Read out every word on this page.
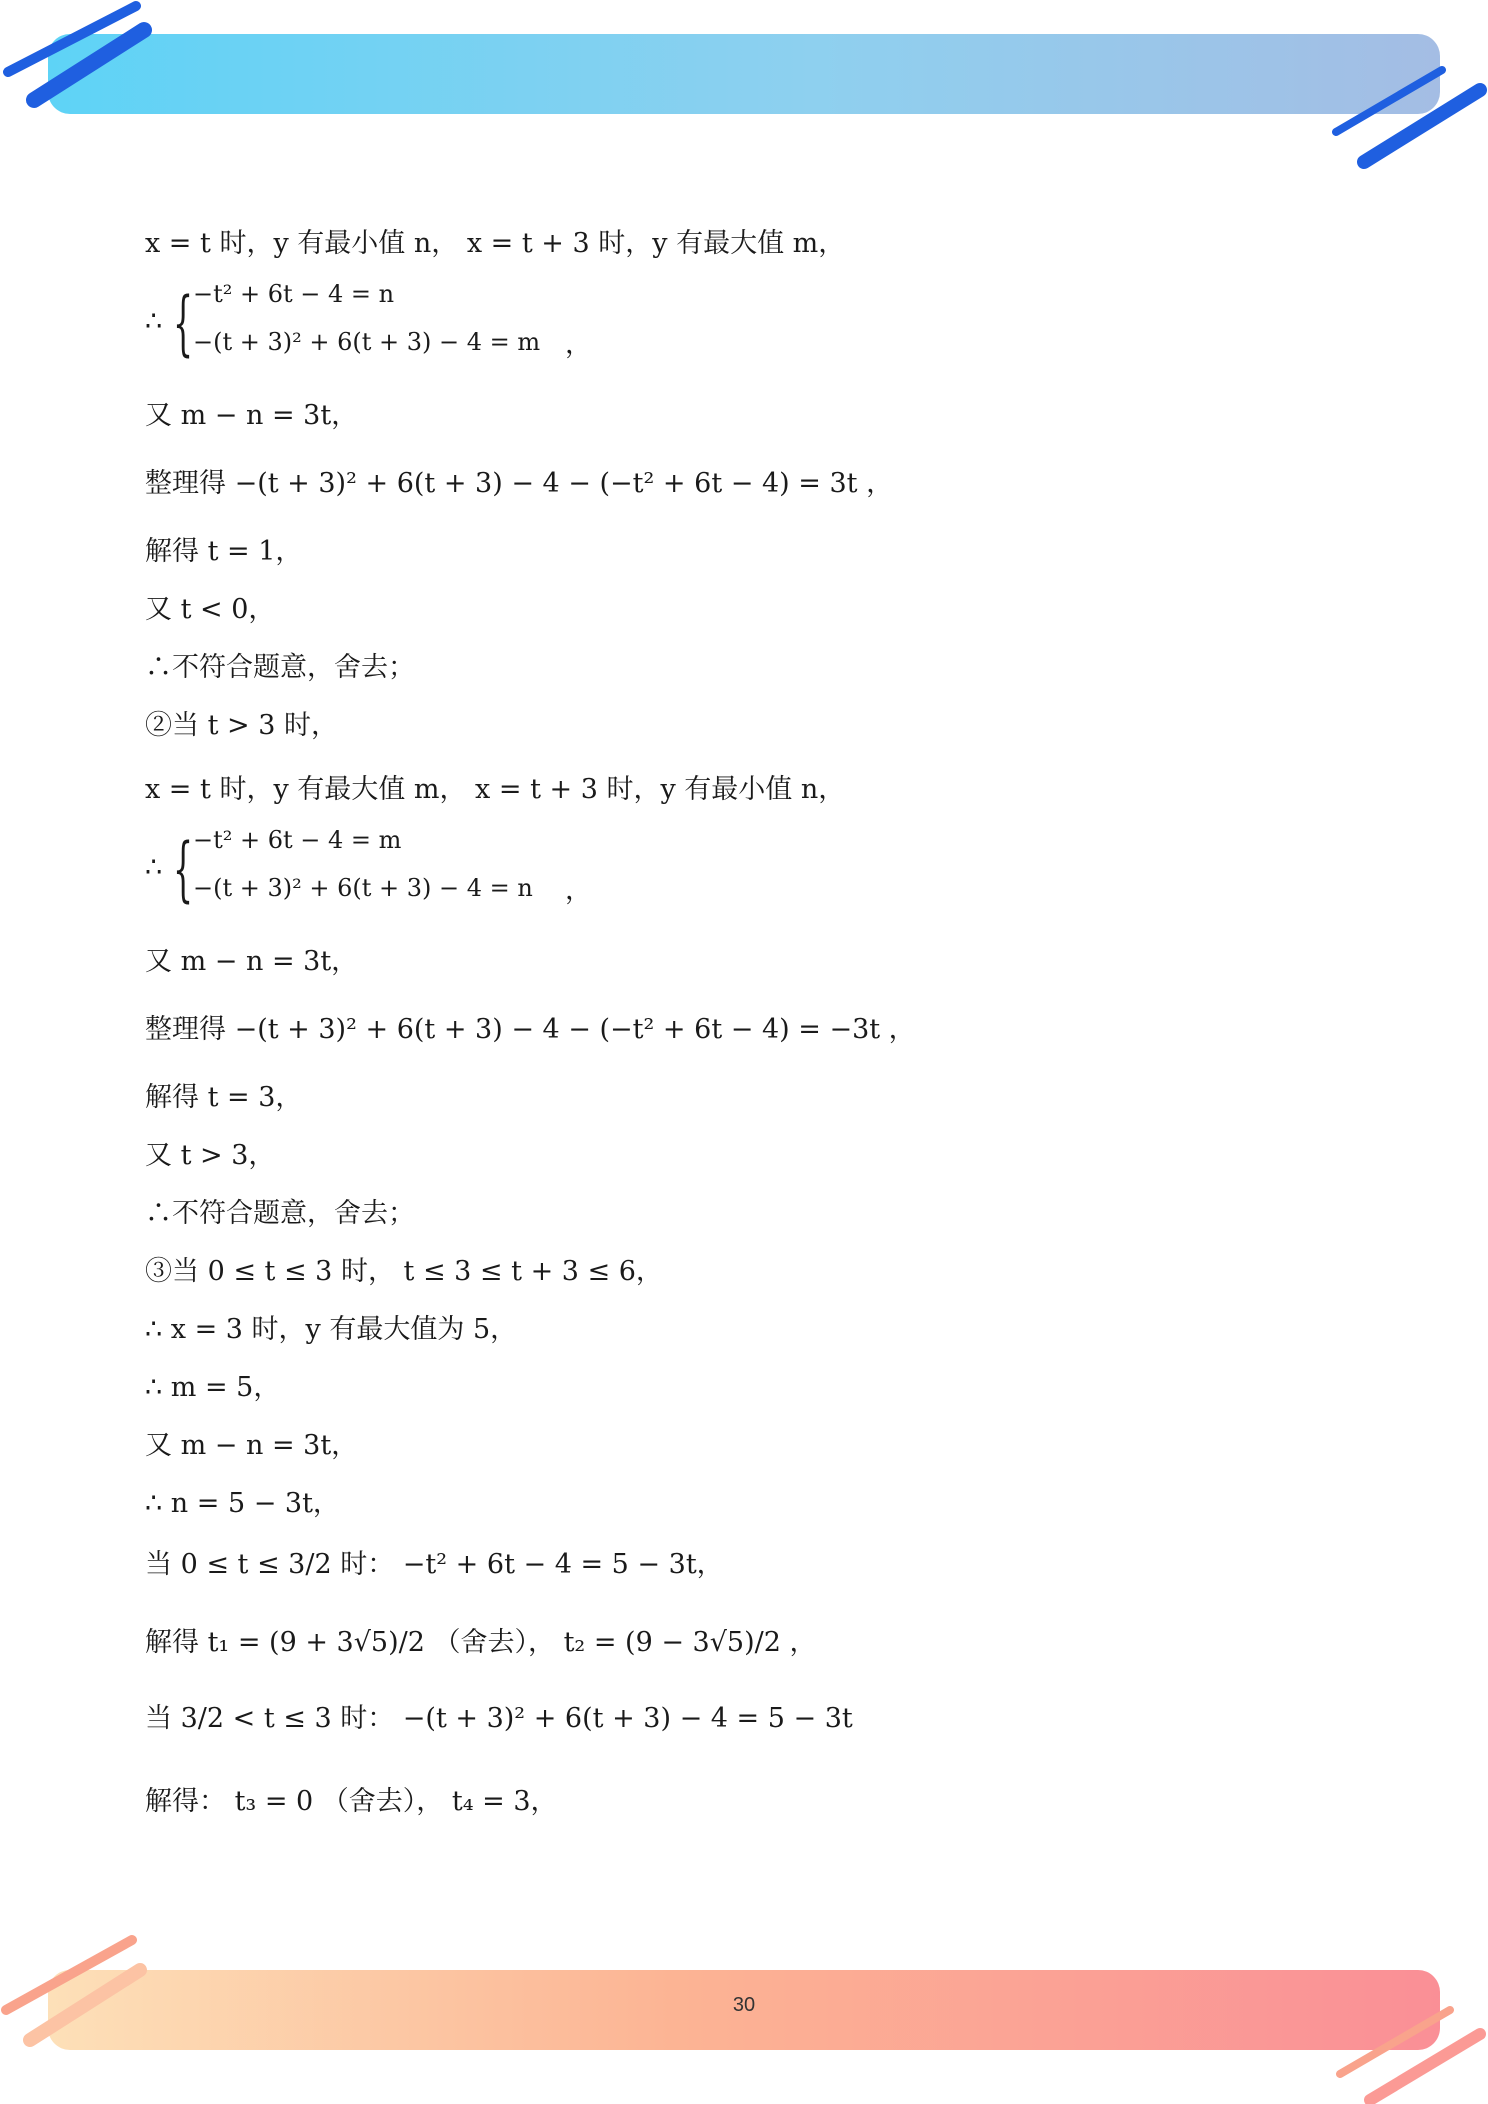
30
x = t 时，y 有最小值 n， x = t + 3 时，y 有最大值 m，
∴ { −t² + 6t − 4 = n
−(t + 3)² + 6(t + 3) − 4 = m ，
又 m − n = 3t，
整理得 −(t + 3)² + 6(t + 3) − 4 − (−t² + 6t − 4) = 3t ，
解得 t = 1，
又 t < 0，
∴不符合题意，舍去；
②当 t > 3 时，
x = t 时，y 有最大值 m， x = t + 3 时，y 有最小值 n，
∴ { −t² + 6t − 4 = m
−(t + 3)² + 6(t + 3) − 4 = n ，
又 m − n = 3t，
整理得 −(t + 3)² + 6(t + 3) − 4 − (−t² + 6t − 4) = −3t ，
解得 t = 3，
又 t > 3，
∴不符合题意，舍去；
③当 0 ≤ t ≤ 3 时， t ≤ 3 ≤ t + 3 ≤ 6，
∴ x = 3 时，y 有最大值为 5，
∴ m = 5，
又 m − n = 3t，
∴ n = 5 − 3t，
当 0 ≤ t ≤ 3/2 时： −t² + 6t − 4 = 5 − 3t，
解得 t₁ = (9 + 3√5)/2 （舍去）， t₂ = (9 − 3√5)/2 ，
当 3/2 < t ≤ 3 时： −(t + 3)² + 6(t + 3) − 4 = 5 − 3t
解得： t₃ = 0 （舍去）， t₄ = 3，
